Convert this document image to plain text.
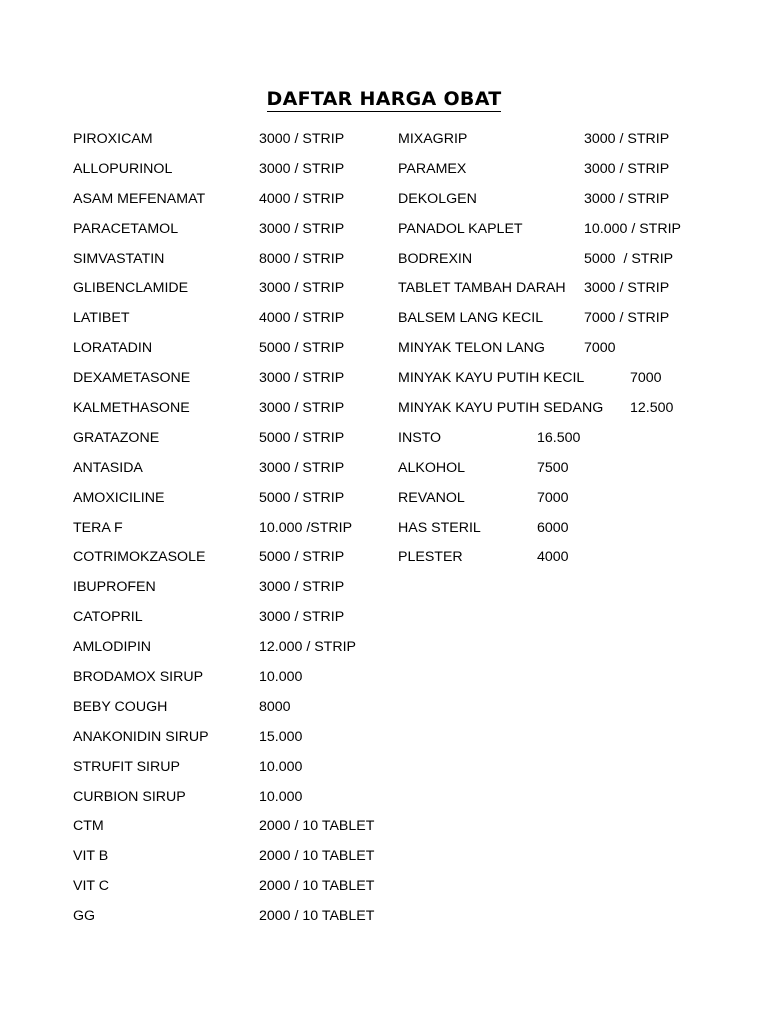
DAFTAR HARGA OBAT
PIROXICAM	3000 / STRIP
ALLOPURINOL	3000 / STRIP
ASAM MEFENAMAT	4000 / STRIP
PARACETAMOL	3000 / STRIP
SIMVASTATIN	8000 / STRIP
GLIBENCLAMIDE	3000 / STRIP
LATIBET	4000 / STRIP
LORATADIN	5000 / STRIP
DEXAMETASONE	3000 / STRIP
KALMETHASONE	3000 / STRIP
GRATAZONE	5000 / STRIP
ANTASIDA	3000 / STRIP
AMOXICILINE	5000 / STRIP
TERA F	10.000 /STRIP
COTRIMOKZASOLE	5000 / STRIP
IBUPROFEN	3000 / STRIP
CATOPRIL	3000 / STRIP
AMLODIPIN	12.000 / STRIP
BRODAMOX SIRUP	10.000
BEBY COUGH	8000
ANAKONIDIN SIRUP	15.000
STRUFIT SIRUP	10.000
CURBION SIRUP	10.000
CTM	2000 / 10 TABLET
VIT B	2000 / 10 TABLET
VIT C	2000 / 10 TABLET
GG	2000 / 10 TABLET
MIXAGRIP	3000 / STRIP
PARAMEX	3000 / STRIP
DEKOLGEN	3000 / STRIP
PANADOL KAPLET	10.000 / STRIP
BODREXIN	5000  / STRIP
TABLET TAMBAH DARAH 3000 / STRIP
BALSEM LANG KECIL	7000 / STRIP
MINYAK TELON LANG	7000
MINYAK KAYU PUTIH KECIL	7000
MINYAK KAYU PUTIH SEDANG 12.500
INSTO	16.500
ALKOHOL	7500
REVANOL	7000
HAS STERIL	6000
PLESTER	4000
